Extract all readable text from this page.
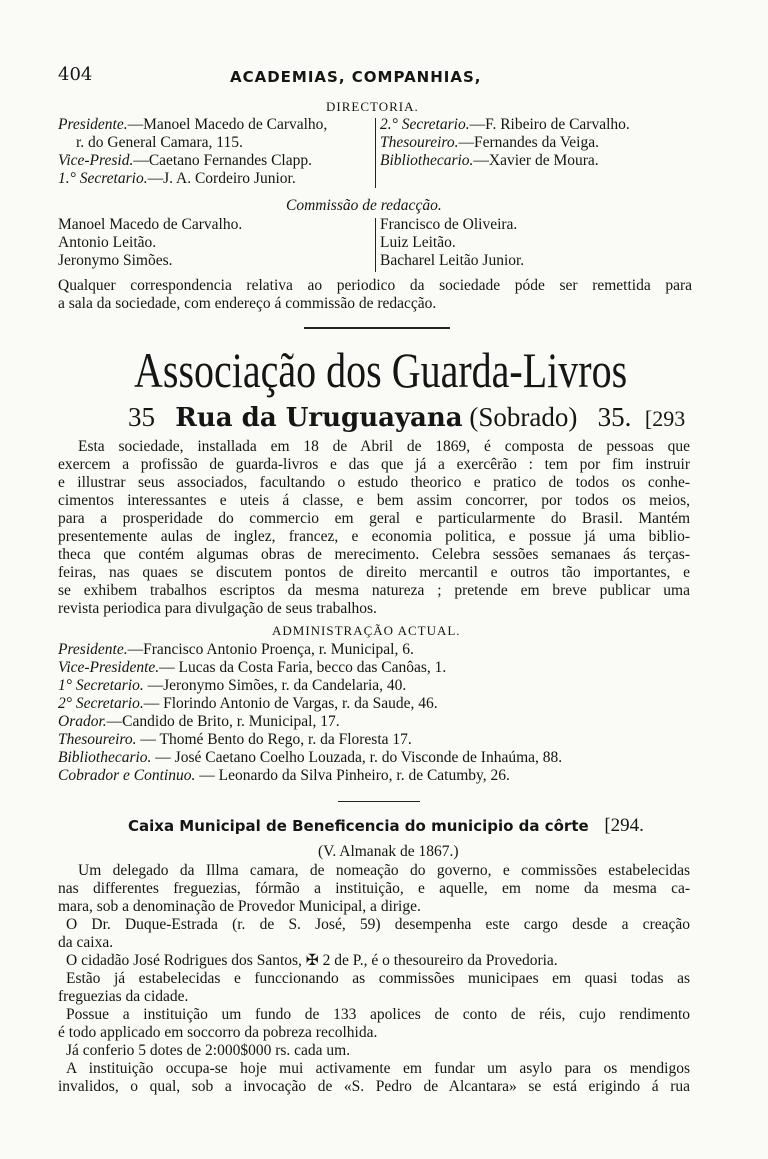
404	ACADEMIAS, COMPANHIAS,
DIRECTORIA.
Presidente.—Manoel Macedo de Carvalho,
r. do General Camara, 115.
Vice-Presid.—Caetano Fernandes Clapp.
1.° Secretario.—J. A. Cordeiro Junior.
2.° Secretario.—F. Ribeiro de Carvalho.
Thesoureiro.—Fernandes da Veiga.
Bibliothecario.—Xavier de Moura.
Commissão de redacção.
Manoel Macedo de Carvalho.
Antonio Leitão.
Jeronymo Simões.
Francisco de Oliveira.
Luiz Leitão.
Bacharel Leitão Junior.
Qualquer correspondencia relativa ao periodico da sociedade póde ser remettida para
a sala da sociedade, com endereço á commissão de redacção.
Associação dos Guarda-Livros
35 Rua da Uruguayana (Sobrado) 35. [293
Esta sociedade, installada em 18 de Abril de 1869, é composta de pessoas que
exercem a profissão de guarda-livros e das que já a exercêrão : tem por fim instruir
e illustrar seus associados, facultando o estudo theorico e pratico de todos os conhe-
cimentos interessantes e uteis á classe, e bem assim concorrer, por todos os meios,
para a prosperidade do commercio em geral e particularmente do Brasil. Mantém
presentemente aulas de inglez, francez, e economia politica, e possue já uma biblio-
theca que contém algumas obras de merecimento. Celebra sessões semanaes ás terças-
feiras, nas quaes se discutem pontos de direito mercantil e outros tão importantes, e
se exhibem trabalhos escriptos da mesma natureza ; pretende em breve publicar uma
revista periodica para divulgação de seus trabalhos.
ADMINISTRAÇÃO ACTUAL.
Presidente.—Francisco Antonio Proença, r. Municipal, 6.
Vice-Presidente.— Lucas da Costa Faria, becco das Canôas, 1.
1° Secretario. —Jeronymo Simões, r. da Candelaria, 40.
2° Secretario.— Florindo Antonio de Vargas, r. da Saude, 46.
Orador.—Candido de Brito, r. Municipal, 17.
Thesoureiro. — Thomé Bento do Rego, r. da Floresta 17.
Bibliothecario. — José Caetano Coelho Louzada, r. do Visconde de Inhaúma, 88.
Cobrador e Continuo. — Leonardo da Silva Pinheiro, r. de Catumby, 26.
Caixa Municipal de Beneficencia do municipio da côrte [294.
(V. Almanak de 1867.)
Um delegado da Illma camara, de nomeação do governo, e commissões estabelecidas
nas differentes freguezias, fórmão a instituição, e aquelle, em nome da mesma ca-
mara, sob a denominação de Provedor Municipal, a dirige.
O Dr. Duque-Estrada (r. de S. José, 59) desempenha este cargo desde a creação
da caixa.
O cidadão José Rodrigues dos Santos, ✠ 2 de P., é o thesoureiro da Provedoria.
Estão já estabelecidas e funccionando as commissões municipaes em quasi todas as
freguezias da cidade.
Possue a instituição um fundo de 133 apolices de conto de réis, cujo rendimento
é todo applicado em soccorro da pobreza recolhida.
Já conferio 5 dotes de 2:000$000 rs. cada um.
A instituição occupa-se hoje mui activamente em fundar um asylo para os mendigos
invalidos, o qual, sob a invocação de «S. Pedro de Alcantara» se está erigindo á rua
